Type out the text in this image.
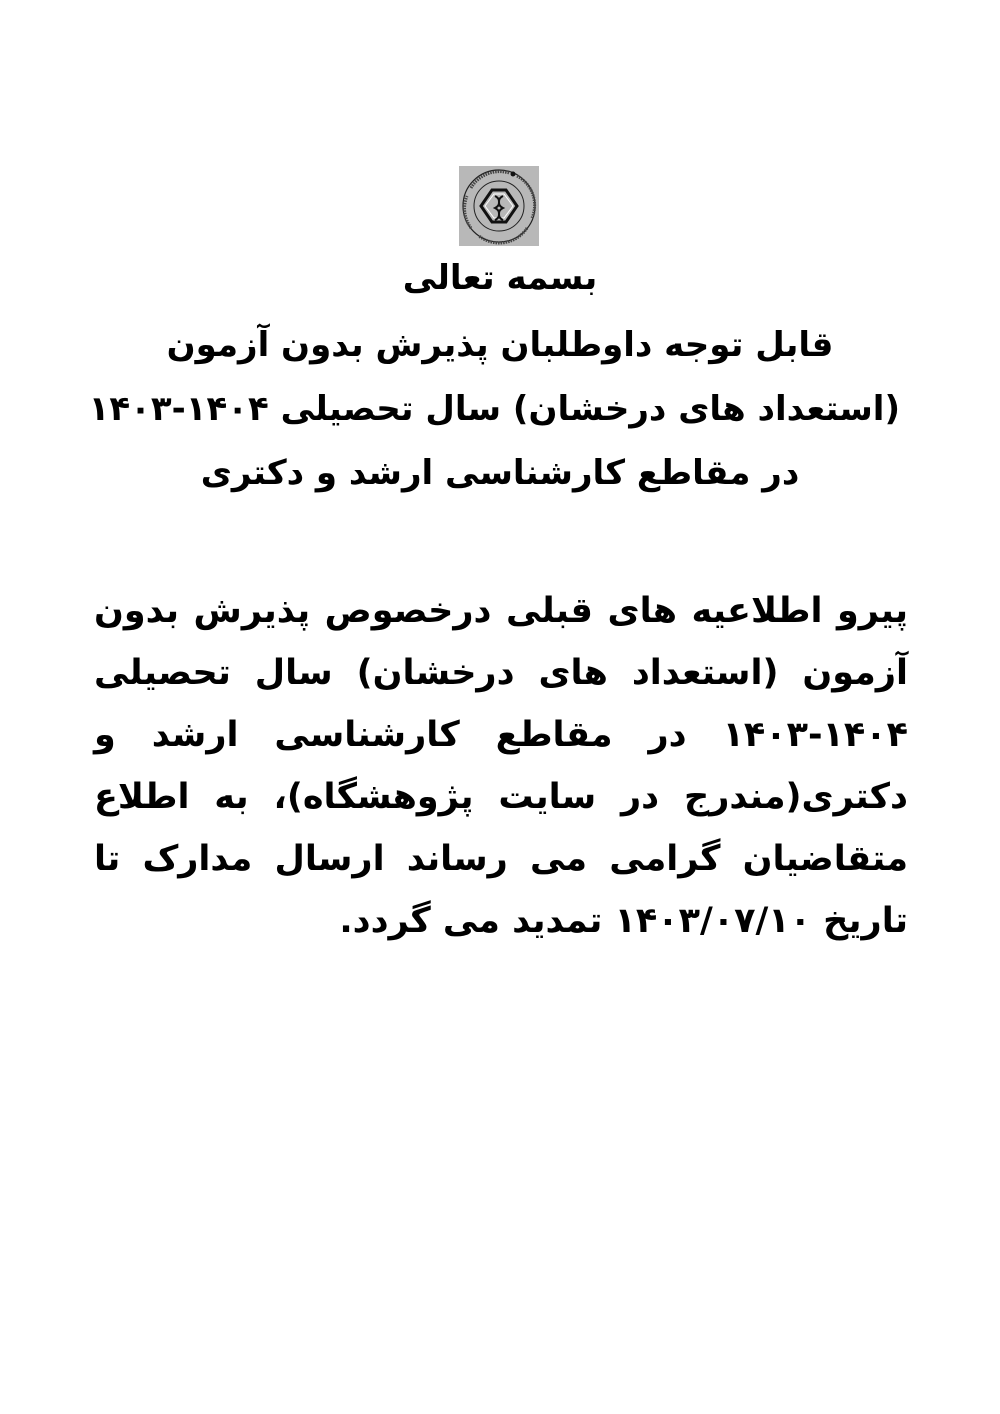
بسمه تعالی

قابل توجه داوطلبان پذیرش بدون آزمون

(استعداد های درخشان) سال تحصیلی ۱۴۰۴-۱۴۰۳

در مقاطع کارشناسی ارشد و دکتری

پیرو اطلاعیه های قبلی درخصوص پذیرش بدون آزمون (استعداد های درخشان) سال تحصیلی ۱۴۰۴-۱۴۰۳ در مقاطع کارشناسی ارشد و دکتری(مندرج در سایت پژوهشگاه)، به اطلاع متقاضیان گرامی می رساند ارسال مدارک تا تاریخ ۱۴۰۳/۰۷/۱۰ تمدید می گردد.
